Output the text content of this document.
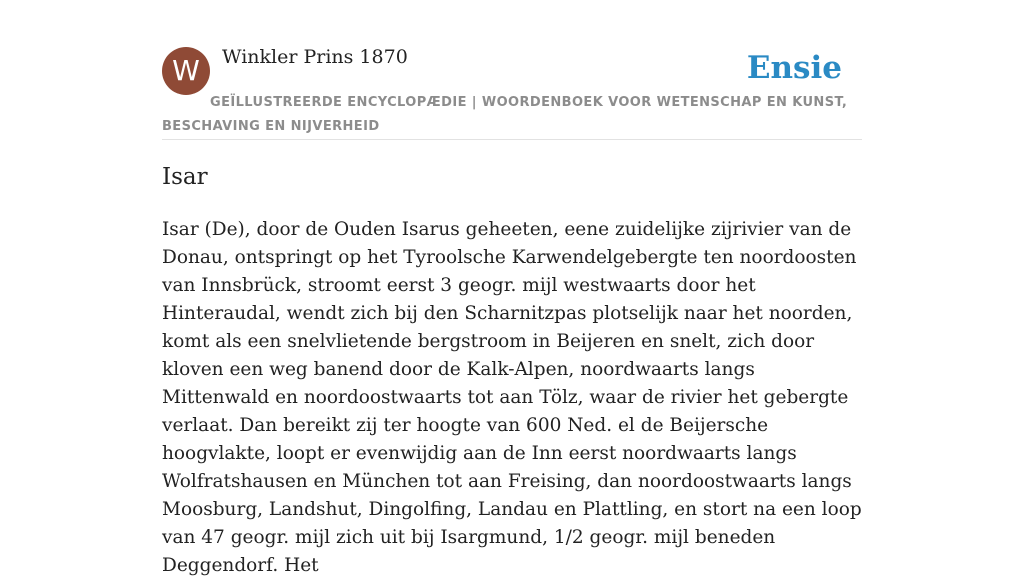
W	Winkler Prins 1870	Ensie
GEÏLLUSTREERDE ENCYCLOPÆDIE | WOORDENBOEK VOOR WETENSCHAP EN KUNST, BESCHAVING EN NIJVERHEID
Isar

Isar (De), door de Ouden Isarus geheeten, eene zuidelijke zijrivier van de Donau, ontspringt op het Tyroolsche Karwendelgebergte ten noordoosten van Innsbrück, stroomt eerst 3 geogr. mijl westwaarts door het Hinteraudal, wendt zich bij den Scharnitzpas plotselijk naar het noorden, komt als een snelvlietende bergstroom in Beijeren en snelt, zich door kloven een weg banend door de Kalk-Alpen, noordwaarts langs Mittenwald en noordoostwaarts tot aan Tölz, waar de rivier het gebergte verlaat. Dan bereikt zij ter hoogte van 600 Ned. el de Beijersche hoogvlakte, loopt er evenwijdig aan de Inn eerst noordwaarts langs Wolfratshausen en München tot aan Freising, dan noordoostwaarts langs Moosburg, Landshut, Dingolfing, Landau en Plattling, en stort na een loop van 47 geogr. mijl zich uit bij Isargmund, 1/2 geogr. mijl beneden Deggendorf. Het
